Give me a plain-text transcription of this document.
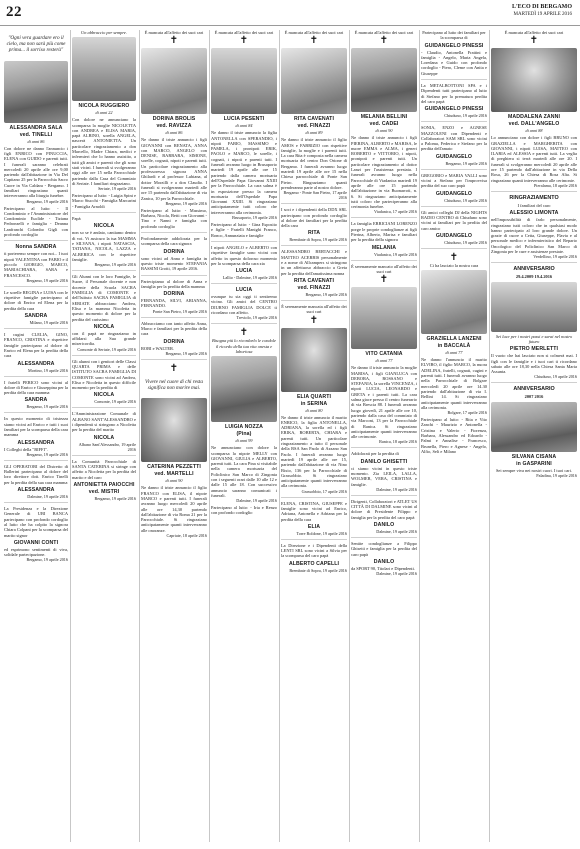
22	L'ECO DI BERGAMO
MARTEDÌ 19 APRILE 2016
"Ogni vera guardare ero il cielo, ma non sarà più come prima... il sorriso resterà"
ALESSANDRA SALA
ved. TINELLI
di anni 86
Con dolore ne danno l'annuncio i figli ENRICO con PINUCCIA, ELENA con GUIDO e parenti tutti. I funerali saranno celebrati mercoledì 20 aprile alle ore 9,00 partendo dall'abitazione in Via Del Capitano 25 per la Parrocchia Sacro Cuore in Via Caldara - Bergamo. I familiari ringraziano quanti interverranno alla liturgia funebre.
Bergamo, 19 aprile 2016
Partecipano al lutto: - Il Condominio e l'Amministratore del Condominio Euclide - Tiziana Pedronzelli e famiglia - Deanna Lanfranchi Colombo Gigli con profondo cordoglio
Nonna SANDRA
ti porteremo sempre con noi... I tuoi nipoti VALENTINA con FABIO e il piccolo GIORGIO, MARCO, MARIACHIARA, SARA e FRANCESCO.
Bergamo, 19 aprile 2016
Le sorelle REGINA e LUISA con le rispettive famiglie partecipano al dolore di Enrico ed Elena per la perdita della cara
SANDRA
Milano, 19 aprile 2016
I cugini CLELIA, GINO, FRANCO, CRISTINA e rispettive famiglie partecipano al dolore di Enrico ed Elena per la perdita della cara
ALESSANDRA
Mortino, 19 aprile 2016
I fratelli PERICO sono vicini al dolore di Enrico e Giuseppina per la perdita della cara mamma
SANDRA
Bergamo, 19 aprile 2016
In questo momento di tristezza siamo vicini ad Enrico e tutti i suoi familiari per la scomparsa della cara mamma
ALESSANDRA
I Colleghi della "BIFFI".
Bergamo, 19 aprile 2016
GLI OPERATORI del Distretto di Ballerini partecipano al dolore del loro direttore dott. Enrico Tinelli per la perdita della sua cara mamma
ALESSANDRA
Dalmine, 19 aprile 2016
La Presidenza e la Direzione Generale di UBI BANCA partecipano con profondo cordoglio al lutto che ha colpito la signora Chiara Colpani per la scomparsa del marito signor
GIOVANNI CONTI
ed esprimono sentimenti di viva, solidale partecipazione.
Bergamo, 19 aprile 2016
Un abbraccio per sempre.
NICOLA RUGGIERO
di anni 22
Con dolore ne annunciano la scomparsa la moglie NICOLETTA con ANDREA e ELISA MARIA, papà ALBINO, sorella ANGELA, nascerà ANTONIETTA. Un particolare ringraziamento a don Marcello, Madre Chiara, medici e infermieri che lo hanno assistito, a tutti gli amici e parenti che gli sono stati vicini. I funerali si svolgeranno oggi alle ore 15 nella Parrocchiale partendo dalla Casa del Commiato di Seriate. I familiari ringraziano.
Seriate, 19 aprile 2016
Partecipano al lutto: - Luigia Spini e Marco Stucchi - Famiglia Marcarini - Famiglia Arnoldi
Papà
NICOLA
non so se è andato, cantiamo dentro di voi. Vi assicuro la tua MAMMA e SILVANA, i nipoti NATASCIA, TATIANA, NICOLA, LAZZA e ALBERICA con le rispettive famiglie.
Bergamo, 19 aprile 2016
Gli Alunni con le loro Famiglie, le Suore, il Personale docente e non docente della Scuola SACRA FAMIGLIA di COMONTE e dell'Istituto SACRA FAMIGLIA di SERIATE abbracciano Andrea, Elisa e la mamma Nicoletta in questo momento di dolore per la perdita del carissimo
NICOLA
con il papà ne ringraziamo in affidarsi alla Sua grande misericordia.
Comonte di Seriate, 19 aprile 2016
Gli alunni con i genitori delle Classi QUARTA PRIMA e delle ISTITUTO SACRA FAMIGLIA DI COMONTE sono vicini ad Andrea, Elisa e Nicoletta in questo difficile momento per la perdita di
NICOLA
Comonte, 19 aprile 2016
L'Amministrazione Comunale di ALBANO SANT'ALESSANDRO e i dipendenti si stringono a Nicoletta per la perdita del marito
NICOLA
Albano Sant'Alessandro, 19 aprile 2016
La Comunità Parrocchiale di SANTA CATERINA si stringe con affetto a Nicoletta per la perdita del marito e del caro
ANTONIETTA PAIOCCHI
ved. MISTRI
Bergamo, 19 aprile 2016
È mancata all'affetto dei suoi cari
✝
DORINA BROLIS
ved. RAVIZZA
di anni 86
Ne danno il triste annuncio i figli GIOVANNI con RENATA, ANNA con MARCO, ANGELO con DENISE, BARBARA, SIMONE, sorelle, cognati, nipoti e parenti tutti. Un particolare ringraziamento alla professoressa signora ANNA Ghilardi e al professor Lubiana, al dottor Morzilli e a don Claudio. I funerali si svolgeranno martedì alle ore 15 partendo dall'abitazione di via Zanica, 10 per la Parrocchiale.
Bergamo, 19 aprile 2016
Partecipano al lutto: - Massimo, Barbara, Nicola, Betti con Giovanni - Tino e Nanni e famiglia con profondo cordoglio
Profondamente addolorata per la scomparsa della cara signora
DORINA
sono vicini ad Anna e famiglia in questo triste momento STEFANIA BASSINI Grotti, 19 aprile 2016.
Partecipiamo al dolore di Anna e famiglia per la perdita della mamma
DORINA
FERNANDA, SILVI, ARIANNA, FERNANDO.
Ponte San Pietro, 19 aprile 2016
Abbracciamo con tanto affetto Anna, Marco e familiari per la perdita della cara
DORINA
ROBI e WALTER.
Bergamo, 19 aprile 2016
✝
Vivere nel cuore di chi resta significa non morire mai.
CATERINA PEZZETTI
ved. MARTELLI
di anni 90
Ne danno il triste annuncio il figlio FRANCO con ELISA, il nipote MARCO e parenti tutti. I funerali avranno luogo mercoledì 20 aprile alle ore 14,30 partendo dall'abitazione di via Roma 21 per la Parrocchiale. Si ringraziano anticipatamente quanti interverranno alle onoranze.
Capriate, 18 aprile 2016
È mancata all'affetto dei suoi cari
✝
LUCIA PESENTI
di anni 84
Ne danno il triste annuncio la figlia ANTONELLA con SPERANDIO, i nipoti FABIO, MASSIMO e PAMELA, i pronipoti ERIK, PAOLO e MARCO, le sorelle, i cognati, i nipoti e parenti tutti. I funerali avranno luogo in Brusaporto martedì 19 aprile alle ore 15 partendo dalla camera mortuaria dell'Ospedale Papa Giovanni XXIII per la Parrocchiale. La cara salma è in esposizione presso la camera mortuaria dell'Ospedale Papa Giovanni XXIII. Si ringraziano anticipatamente tutti coloro che interverranno alla cerimonia.
Brusaporto, 19 aprile 2016
Partecipano al lutto: - Gina Esposito e figlie - Fratelli Manighi Franco, Ronco, Annunziata e famiglie
I nipoti ANGELO e ALBERTO con rispettive famiglie sono vicini con affetto in questo doloroso momento per la scomparsa della cara zia
LUCIA
Lallio - Dalmine, 19 aprile 2016
LUCIA
ovunque tu sia oggi ti sentiremo vicino. Gli amici del CENTRO DIURNO FAMIGLIA DOLCE ti ricordano con affetto.
Treviolo, 19 aprile 2016
✝
Bisogna più lo ricordarlo le condole il ricordo della tua vita onesta e laboriosa
LUIGIA NOZZA
(Pina)
di anni 99
Ne annunciano con dolore la scomparsa la nipote MELLY con GIOVANNI, GIULIA e ALBERTO, parenti tutti. La cara Pina si visitabile nella camera mortuaria del Policlinico San Marco di Zingonia con i seguenti orari dalle 10 alle 12 e dalle 15 alle 18. Con successivo annuncio saranno comunicati i funerali.
Dalmine, 19 aprile 2016
Partecipano al lutto: - Irta e Renzo con profondo cordoglio
È mancata all'affetto dei suoi cari
✝
RITA CAVENATI
ved. FINAZZI
di anni 89
Ne danno il triste annuncio il figlio AMOS e FABRIZIO con rispettive famiglie, la moglie e i parenti tutti. La cara Rita è composta nella camera mortuaria del centro Don Orione di Bergamo. I funerali avranno luogo martedì 19 aprile alle ore 15 nella Chiesa parrocchiale di Ponte San Pietro. Ringraziamo quanti prenderanno parte al nostro dolore.
Bergamo - Ponte San Pietro, 17 aprile 2016
I soci e i dipendenti della DDX SRL partecipano con profondo cordoglio al dolore dei familiari per la perdita della cara
RITA
Brembate di Sopra, 19 aprile 2016
ALESSANDRO BERTACCHI e MATTEO ACERBIS personalmente e a nome di Allcampers si stringono in un affettuoso abbraccio a Greta per la perdita dell'amatissima nonna
RITA CAVENATI
ved. FINAZZI
Bergamo, 19 aprile 2016
È serenamente mancata all'affetto dei suoi cari
✝
ELIA QUARTI
in SERINA
di anni 80
Ne danno il triste annuncio il marito ENRICO, la figlia ANTONELLA, ADRIANA, la sorella ed i figli ERIKA, ROBERTA, CHIARA e parenti tutti. Un particolare ringraziamento a tutto il personale della RSA San Paolo di Azzano San Paolo. I funerali avranno luogo martedì 19 aprile alle ore 15, partendo dall'abitazione di via Nino Bixio, 136 per la Parrocchiale di Grassobbio. Si ringraziano anticipatamente quanti interverranno alla cerimonia.
Grassobbio, 17 aprile 2016
ELENA, CRISTINA, GIUSEPPE e famiglie sono vicini ad Enrico, Adriana, Antonella e Adriana per la perdita della cara
ELIA
Torre Boldone, 19 aprile 2016
La Direzione e i Dipendenti della LENTI SRL sono vicini a Silvia per la scomparsa del caro papà
ALBERTO CAPELLI
Brembate di Sopra, 19 aprile 2016
È mancata all'affetto dei suoi cari
✝
MELANIA BELLINI
ved. CADEI
di anni 90
Ne danno il triste annuncio i figli PIERINA, ALBERTO e MARISA, le nuore EMMA e ALMA, i generi ROBERTO e VITTORIO, i nipoti, pronipoti e parenti tutti. Un particolare ringraziamento al dottor Lanzi per l'assistenza prestata. I funerali avranno luogo nella Parrocchiale di Viadanica martedì 19 aprile alle ore 15 partendo dall'abitazione in via Buonarroti, n. 6. Si ringraziano anticipatamente tutti coloro che parteciperanno alla cerimonia funebre.
Viadanica, 17 aprile 2016
La famiglia ERRICIANI LORENZO porge le proprie condoglianze ai figli Pierina, Alberto, Marisa e familiari per la perdita della signora
MELANIA
Viadanica, 19 aprile 2016
È serenamente mancato all'affetto dei suoi cari
✝
VITO CATANIA
di anni 77
Ne danno il triste annuncio la moglie MARISA, i figli GIANLUCA con DEBORA, ROSSANO e STEFANIA, la sorella VINCENZA, i nipoti LUCIA, LEONARDO e GRETA e i parenti tutti. La cara salma giace presso il centro funerario di via Brescia 88. I funerali avranno luogo giovedì, 21 aprile alle ore 10, partendo dalla casa del commiato di via Marconi, 13 per la Parrocchiale di Ranica. Si ringraziano anticipatamente quanti interverranno alle cerimonie.
Ranica, 18 aprile 2016
Addolorati per la perdita di
DANILO GHISETTI
ci siamo vicini in questo triste momento. Zia LEILA, LALLA, WOLMER, VERA, CRISTINA e famiglie.
Dalmine, 19 aprile 2016
Dirigenti, Collaboratori e ATLET US CITTÀ DI DALMINE sono vicini al dolore di Presidente Filippo e famiglia per la perdita del caro papà
DANILO
Dalmine, 19 aprile 2016
Sentite condoglianze a Filippo Ghisetti e famiglia per la perdita del caro papà
DANILO
da SPORT 90, Titolari e Dipendenti.
Dalmine, 19 aprile 2016
Partecipano al lutto dei familiari per la scomparsa di
GUIDANGELO PINESSI
- Claudio, Antonella Frattini e famiglia - Angelo, Maria Angela, Loredana e Guido con profondo cordoglio - Piero, Cleme con Anita e Giuseppe
La METALBOTTONI SPA e i Dipendenti tutti partecipano al lutto di Stefano per la prematura perdita del caro papà
GUIDANGELO PINESSI
Chiuduno, 19 aprile 2016
SONIA, ENZO e AGNESE MAZZOLENI con Dipendenti e Collaboratori SAM SRL sono vicini a Paloma, Federica e Stefano per la perdita dell'amato
GUIDANGELO
Bergamo, 19 aprile 2016
GREGORIO e MARIA VALLI sono vicini a Stefano per l'improvvisa perdita del suo caro papà
GUIDANGELO
Chiuduno, 19 aprile 2016
Gli amici colleghi DJ della NIGHTS RADIO CENTRO di Chiuduno sono vicini ai familiari per la perdita del caro amico
GUIDANGELO
Chiuduno, 19 aprile 2016
✝
Ci ha lasciato la nostra cara
GRAZIELLA LANZENI
in BACCALÀ
di anni 77
Ne danno l'annuncio il marito ELVIRO, il figlio MARCO, la nuora ADELINA, fratelli, cognati, cugini e parenti tutti. I funerali avranno luogo nella Parrocchiale di Bolgare mercoledì 20 aprile ore 14.30 partendo dall'abitazione di via I. Bellini 14. Si ringraziano anticipatamente quanti interverranno alla cerimonia.
Bolgare, 17 aprile 2016
Partecipano al lutto: - Rita e Vito Zanchi - Maurizio e Antonella - Cristina e Valerio - Fiorenza, Barbara, Alessandro ed Edoardo - Palmi e Annalise - Francesco, Brunella, Piero e Agnese - Angelo, Alfio, Seli e Milano
È mancata all'affetto dei suoi cari
✝
MADDALENA ZANNI
ved. DALL'ANGELO
di anni 88
Lo annunciano con dolore i figli BRUNO con GRAZIELLA e MARGHERITA con GIOVANNI, i nipoti LUISA, MATTEO con ILARIA ed ALESSIA e parenti tutti. La veglia di preghiera si terrà martedì alle ore 20. I funerali si svolgeranno mercoledì 20 aprile alle ore 15 partendo dall'abitazione in via Della Rosa, 26 per la Chiesa di Rosa Alta. Si ringraziano quanti interverranno alle cerimonie.
Pieralama, 18 aprile 2016
RINGRAZIAMENTO
I familiari del caro
ALESSIO LIMONTA
nell'impossibilità di farlo personalmente, ringraziano tutti coloro che in qualsiasi modo hanno partecipato al loro grande dolore. Un grazie di cuore a Cetta, Giuseppe, Flavia e al personale medico e infermieristico del Reparto Oncologico del Policlinico San Marco di Zingonia per le cure e assistenze prestate.
Verdellino, 19 aprile 2016
ANNIVERSARIO
29.4.2009 19.4.2016
Sei luce per i nostri passi e sarai nel nostro futuro
PIETRO MERLETTI
Il vuoto che hai lasciato non si colmerà mai. I figli con le famiglie e i tuoi cari ti ricordano sabato alle ore 18,30 nella Chiesa Santa Maria Assunta.
Chiuduno, 19 aprile 2016
ANNIVERSARIO
2007 2016
SILVANA CISANA
in GASPARINI
Sei sempre viva nei nostri cuori. I tuoi cari.
Paladina, 19 aprile 2016
